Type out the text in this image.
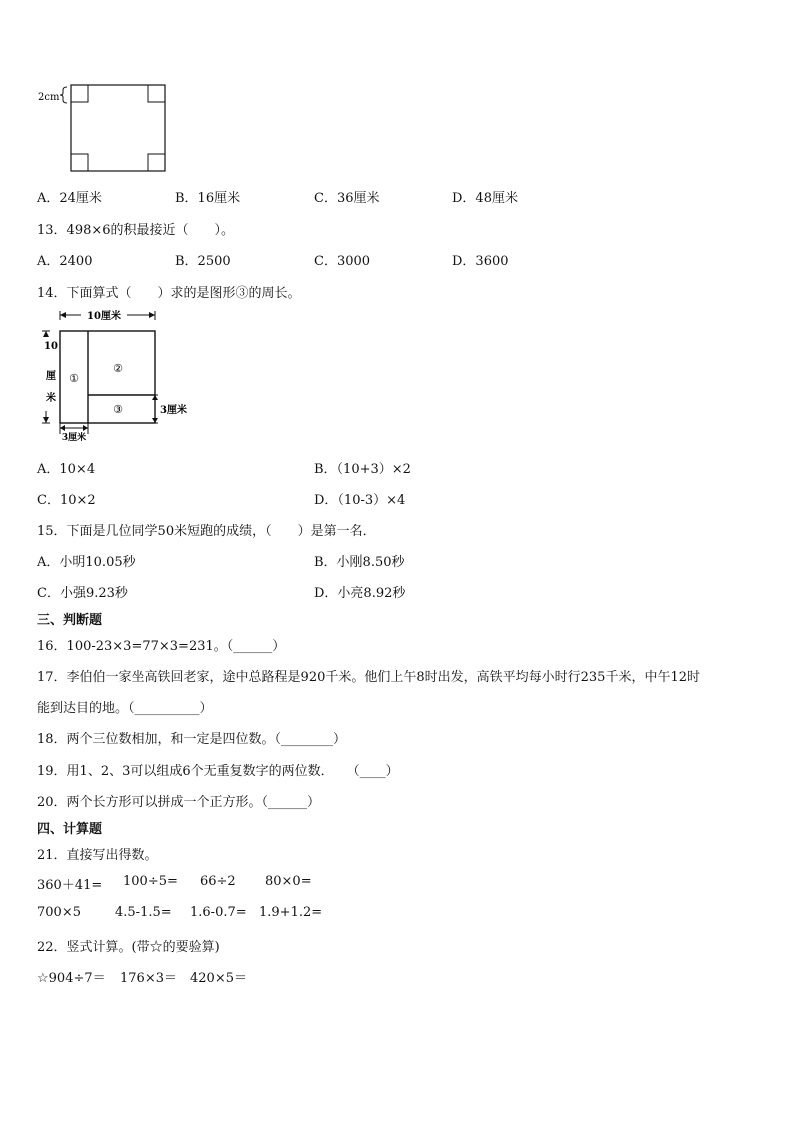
2cm
A．24厘米	B．16厘米	C．36厘米	D．48厘米
13．498×6的积最接近（　　）。
A．2400	B．2500	C．3000	D．3600
14．下面算式（　　）求的是图形③的周长。
10厘米
10
厘
米
①
②
③	3厘米
3厘米
A．10×4	B．（10+3）×2
C．10×2	D．（10-3）×4
15．下面是几位同学50米短跑的成绩，（　　）是第一名．
A．小明10.05秒	B．小刚8.50秒
C．小强9.23秒	D．小亮8.92秒
三、判断题
16．100-23×3=77×3=231。（______）
17．李伯伯一家坐高铁回老家，途中总路程是920千米。他们上午8时出发，高铁平均每小时行235千米，中午12时
能到达目的地。（__________）
18．两个三位数相加，和一定是四位数。（________）
19．用1、2、3可以组成6个无重复数字的两位数．　　（____）
20．两个长方形可以拼成一个正方形。（______）
四、计算题
21．直接写出得数。
360＋41= 100÷5= 66÷2 80×0=
700×5	4.5-1.5= 1.6-0.7= 1.9+1.2=
22．竖式计算。(带☆的要验算)
☆904÷7＝ 176×3＝ 420×5＝
